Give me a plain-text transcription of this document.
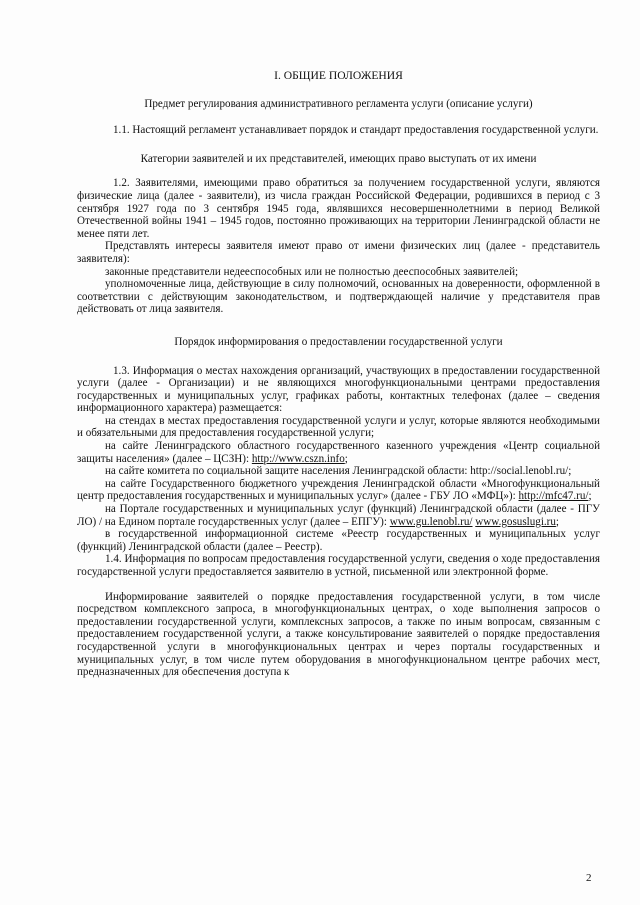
I. ОБЩИЕ ПОЛОЖЕНИЯ
Предмет регулирования административного регламента услуги (описание услуги)

1.1. Настоящий регламент устанавливает порядок и стандарт предоставления государственной услуги.

Категории заявителей и их представителей, имеющих право выступать от их имени

1.2. Заявителями, имеющими право обратиться за получением государственной услуги, являются физические лица (далее - заявители), из числа граждан Российской Федерации, родившихся в период с 3 сентября 1927 года по 3 сентября 1945 года, являвшихся несовершеннолетними в период Великой Отечественной войны 1941 – 1945 годов, постоянно проживающих на территории Ленинградской области не менее пяти лет.

Представлять интересы заявителя имеют право от имени физических лиц (далее - представитель заявителя):

законные представители недееспособных или не полностью дееспособных заявителей;

уполномоченные лица, действующие в силу полномочий, основанных на доверенности, оформленной в соответствии с действующим законодательством, и подтверждающей наличие у представителя прав действовать от лица заявителя.

Порядок информирования о предоставлении государственной услуги

1.3. Информация о местах нахождения организаций, участвующих в предоставлении государственной услуги (далее - Организации) и не являющихся многофункциональными центрами предоставления государственных и муниципальных услуг, графиках работы, контактных телефонах (далее – сведения информационного характера) размещается:

на стендах в местах предоставления государственной услуги и услуг, которые являются необходимыми и обязательными для предоставления государственной услуги;

на сайте Ленинградского областного государственного казенного учреждения «Центр социальной защиты населения» (далее – ЦСЗН): http://www.cszn.info;

на сайте комитета по социальной защите населения Ленинградской области: http://social.lenobl.ru/;

на сайте Государственного бюджетного учреждения Ленинградской области «Многофункциональный центр предоставления государственных и муниципальных услуг» (далее - ГБУ ЛО «МФЦ»): http://mfc47.ru/;

на Портале государственных и муниципальных услуг (функций) Ленинградской области (далее - ПГУ ЛО) / на Едином портале государственных услуг (далее – ЕПГУ): www.gu.lenobl.ru/ www.gosuslugi.ru;

в государственной информационной системе «Реестр государственных и муниципальных услуг (функций) Ленинградской области (далее – Реестр).

1.4. Информация по вопросам предоставления государственной услуги, сведения о ходе предоставления государственной услуги предоставляется заявителю в устной, письменной или электронной форме.

Информирование заявителей о порядке предоставления государственной услуги, в том числе посредством комплексного запроса, в многофункциональных центрах, о ходе выполнения запросов о предоставлении государственной услуги, комплексных запросов, а также по иным вопросам, связанным с предоставлением государственной услуги, а также консультирование заявителей о порядке предоставления государственной услуги в многофункциональных центрах и через порталы государственных и муниципальных услуг, в том числе путем оборудования в многофункциональном центре рабочих мест, предназначенных для обеспечения доступа к

2
